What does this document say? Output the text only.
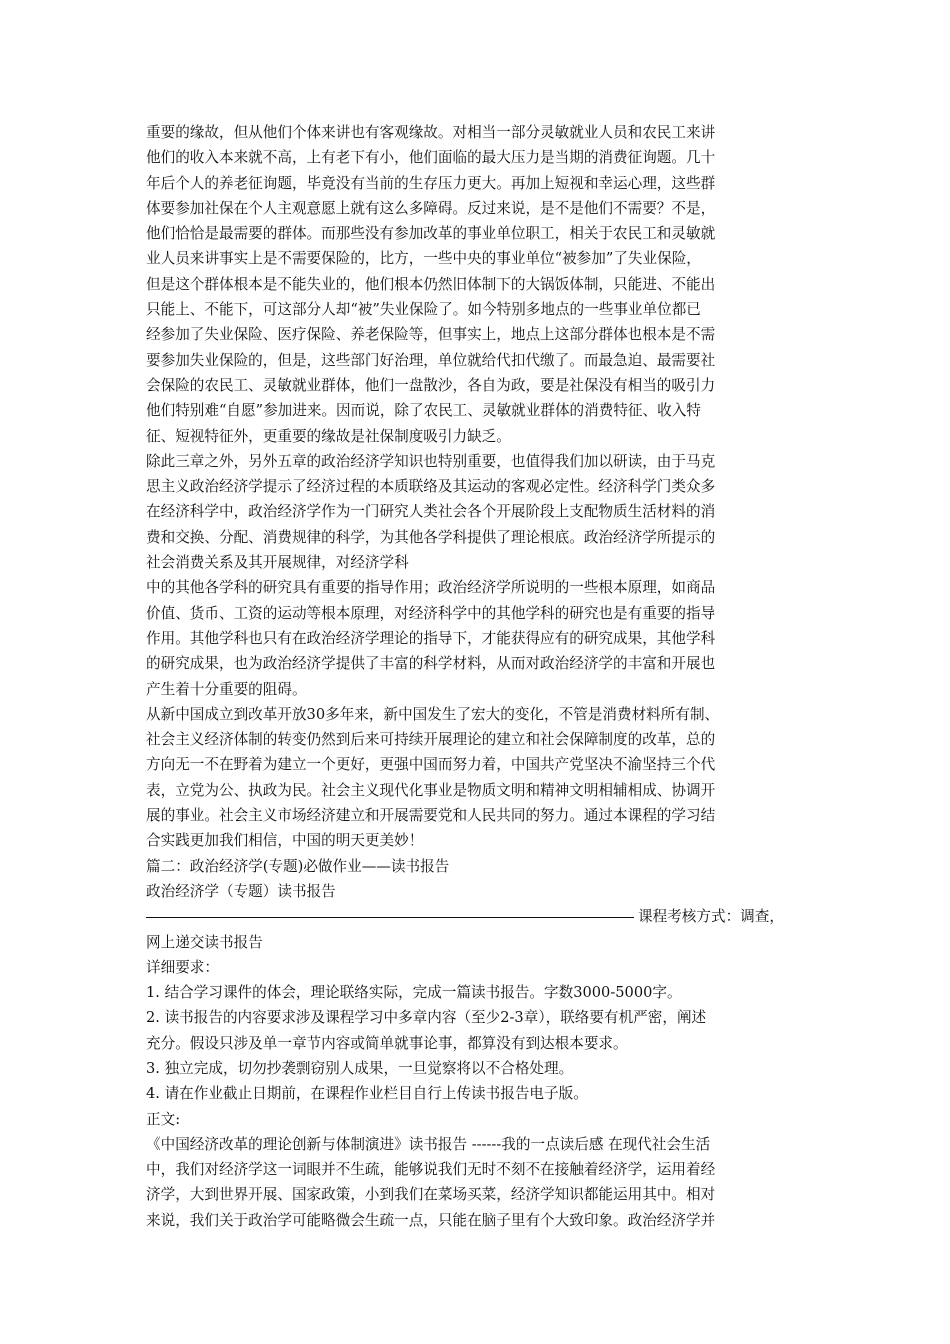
重要的缘故，但从他们个体来讲也有客观缘故。对相当一部分灵敏就业人员和农民工来讲

他们的收入本来就不高，上有老下有小，他们面临的最大压力是当期的消费征询题。几十

年后个人的养老征询题，毕竟没有当前的生存压力更大。再加上短视和幸运心理，这些群

体要参加社保在个人主观意愿上就有这么多障碍。反过来说，是不是他们不需要？不是，

他们恰恰是最需要的群体。而那些没有参加改革的事业单位职工，相关于农民工和灵敏就

业人员来讲事实上是不需要保险的，比方，一些中央的事业单位“被参加”了失业保险，

但是这个群体根本是不能失业的，他们根本仍然旧体制下的大锅饭体制，只能进、不能出

只能上、不能下，可这部分人却“被”失业保险了。如今特别多地点的一些事业单位都已

经参加了失业保险、医疗保险、养老保险等，但事实上，地点上这部分群体也根本是不需

要参加失业保险的，但是，这些部门好治理，单位就给代扣代缴了。而最急迫、最需要社

会保险的农民工、灵敏就业群体，他们一盘散沙，各自为政，要是社保没有相当的吸引力

他们特别难“自愿”参加进来。因而说，除了农民工、灵敏就业群体的消费特征、收入特

征、短视特征外，更重要的缘故是社保制度吸引力缺乏。

除此三章之外，另外五章的政治经济学知识也特别重要，也值得我们加以研读，由于马克

思主义政治经济学提示了经济过程的本质联络及其运动的客观必定性。经济科学门类众多

在经济科学中，政治经济学作为一门研究人类社会各个开展阶段上支配物质生活材料的消

费和交换、分配、消费规律的科学，为其他各学科提供了理论根底。政治经济学所提示的

社会消费关系及其开展规律，对经济学科

中的其他各学科的研究具有重要的指导作用；政治经济学所说明的一些根本原理，如商品

价值、货币、工资的运动等根本原理，对经济科学中的其他学科的研究也是有重要的指导

作用。其他学科也只有在政治经济学理论的指导下，才能获得应有的研究成果，其他学科

的研究成果，也为政治经济学提供了丰富的科学材料，从而对政治经济学的丰富和开展也

产生着十分重要的阻碍。

从新中国成立到改革开放30多年来，新中国发生了宏大的变化，不管是消费材料所有制、

社会主义经济体制的转变仍然到后来可持续开展理论的建立和社会保障制度的改革，总的

方向无一不在野着为建立一个更好，更强中国而努力着，中国共产党坚决不渝坚持三个代

表，立党为公、执政为民。社会主义现代化事业是物质文明和精神文明相辅相成、协调开

展的事业。社会主义市场经济建立和开展需要党和人民共同的努力。通过本课程的学习结

合实践更加我们相信，中国的明天更美妙！

篇二：政治经济学(专题)必做作业——读书报告

政治经济学（专题）读书报告

课程考核方式：调查，

网上递交读书报告

详细要求：

1. 结合学习课件的体会，理论联络实际，完成一篇读书报告。字数3000-5000字。

2. 读书报告的内容要求涉及课程学习中多章内容（至少2-3章），联络要有机严密，阐述

充分。假设只涉及单一章节内容或简单就事论事，都算没有到达根本要求。

3. 独立完成，切勿抄袭剽窃别人成果，一旦觉察将以不合格处理。

4. 请在作业截止日期前，在课程作业栏目自行上传读书报告电子版。

正文:

《中国经济改革的理论创新与体制演进》读书报告 ------我的一点读后感 在现代社会生活

中，我们对经济学这一词眼并不生疏，能够说我们无时不刻不在接触着经济学，运用着经

济学，大到世界开展、国家政策，小到我们在菜场买菜，经济学知识都能运用其中。相对

来说，我们关于政治学可能略微会生疏一点，只能在脑子里有个大致印象。政治经济学并
